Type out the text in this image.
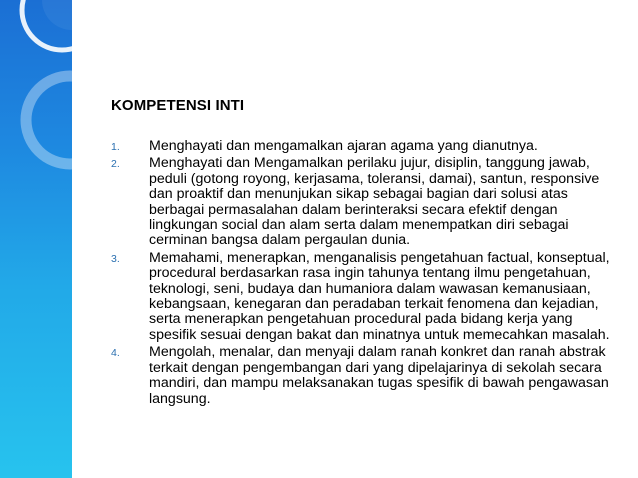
KOMPETENSI INTI
1. Menghayati dan mengamalkan ajaran agama yang dianutnya.
2. Menghayati dan Mengamalkan perilaku jujur, disiplin, tanggung jawab, peduli (gotong royong, kerjasama, toleransi, damai), santun, responsive dan proaktif dan menunjukan sikap sebagai bagian dari solusi atas berbagai permasalahan dalam berinteraksi secara efektif dengan lingkungan social dan alam serta dalam menempatkan diri sebagai cerminan bangsa dalam pergaulan dunia.
3. Memahami, menerapkan, menganalisis pengetahuan factual, konseptual, procedural berdasarkan rasa ingin tahunya tentang ilmu pengetahuan, teknologi, seni, budaya dan humaniora dalam wawasan kemanusiaan, kebangsaan, kenegaran dan peradaban terkait fenomena dan kejadian, serta menerapkan pengetahuan procedural pada bidang kerja yang spesifik sesuai dengan bakat dan minatnya untuk memecahkan masalah.
4. Mengolah, menalar, dan menyaji dalam ranah konkret dan ranah abstrak terkait dengan pengembangan dari yang dipelajarinya di sekolah secara mandiri, dan mampu melaksanakan tugas spesifik di bawah pengawasan langsung.
